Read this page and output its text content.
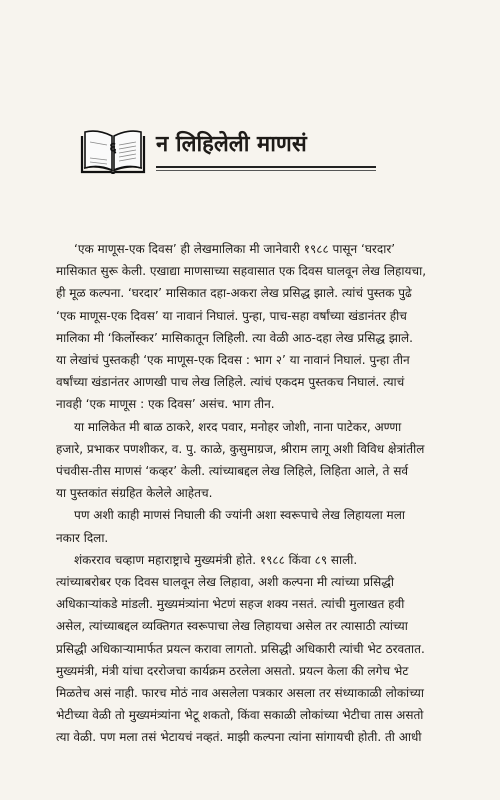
६	न लिहिलेली माणसं

‘एक माणूस-एक दिवस’ ही लेखमालिका मी जानेवारी १९८८ पासून ‘घरदार’
मासिकात सुरू केली. एखाद्या माणसाच्या सहवासात एक दिवस घालवून लेख लिहायचा,
ही मूळ कल्पना. ‘घरदार’ मासिकात दहा-अकरा लेख प्रसिद्ध झाले. त्यांचं पुस्तक पुढे
‘एक माणूस-एक दिवस’ या नावानं निघालं. पुन्हा, पाच-सहा वर्षांच्या खंडानंतर हीच
मालिका मी ‘किर्लोस्कर’ मासिकातून लिहिली. त्या वेळी आठ-दहा लेख प्रसिद्ध झाले.
या लेखांचं पुस्तकही ‘एक माणूस-एक दिवस : भाग २’ या नावानं निघालं. पुन्हा तीन
वर्षांच्या खंडानंतर आणखी पाच लेख लिहिले. त्यांचं एकदम पुस्तकच निघालं. त्याचं
नावही ‘एक माणूस : एक दिवस’ असंच. भाग तीन.

या मालिकेत मी बाळ ठाकरे, शरद पवार, मनोहर जोशी, नाना पाटेकर, अण्णा
हजारे, प्रभाकर पणशीकर, व. पु. काळे, कुसुमाग्रज, श्रीराम लागू अशी विविध क्षेत्रांतील
पंचवीस-तीस माणसं ‘कव्हर’ केली. त्यांच्याबद्दल लेख लिहिले, लिहिता आले, ते सर्व
या पुस्तकांत संग्रहित केलेले आहेतच.

पण अशी काही माणसं निघाली की ज्यांनी अशा स्वरूपाचे लेख लिहायला मला
नकार दिला.

शंकरराव चव्हाण महाराष्ट्राचे मुख्यमंत्री होते. १९८८ किंवा ८९ साली.
त्यांच्याबरोबर एक दिवस घालवून लेख लिहावा, अशी कल्पना मी त्यांच्या प्रसिद्धी
अधिकाऱ्यांकडे मांडली. मुख्यमंत्र्यांना भेटणं सहज शक्य नसतं. त्यांची मुलाखत हवी
असेल, त्यांच्याबद्दल व्यक्तिगत स्वरूपाचा लेख लिहायचा असेल तर त्यासाठी त्यांच्या
प्रसिद्धी अधिकाऱ्यामार्फत प्रयत्न करावा लागतो. प्रसिद्धी अधिकारी त्यांची भेट ठरवतात.
मुख्यमंत्री, मंत्री यांचा दररोजचा कार्यक्रम ठरलेला असतो. प्रयत्न केला की लगेच भेट
मिळतेच असं नाही. फारच मोठं नाव असलेला पत्रकार असला तर संध्याकाळी लोकांच्या
भेटीच्या वेळी तो मुख्यमंत्र्यांना भेटू शकतो, किंवा सकाळी लोकांच्या भेटीचा तास असतो
त्या वेळी. पण मला तसं भेटायचं नव्हतं. माझी कल्पना त्यांना सांगायची होती. ती आधी
